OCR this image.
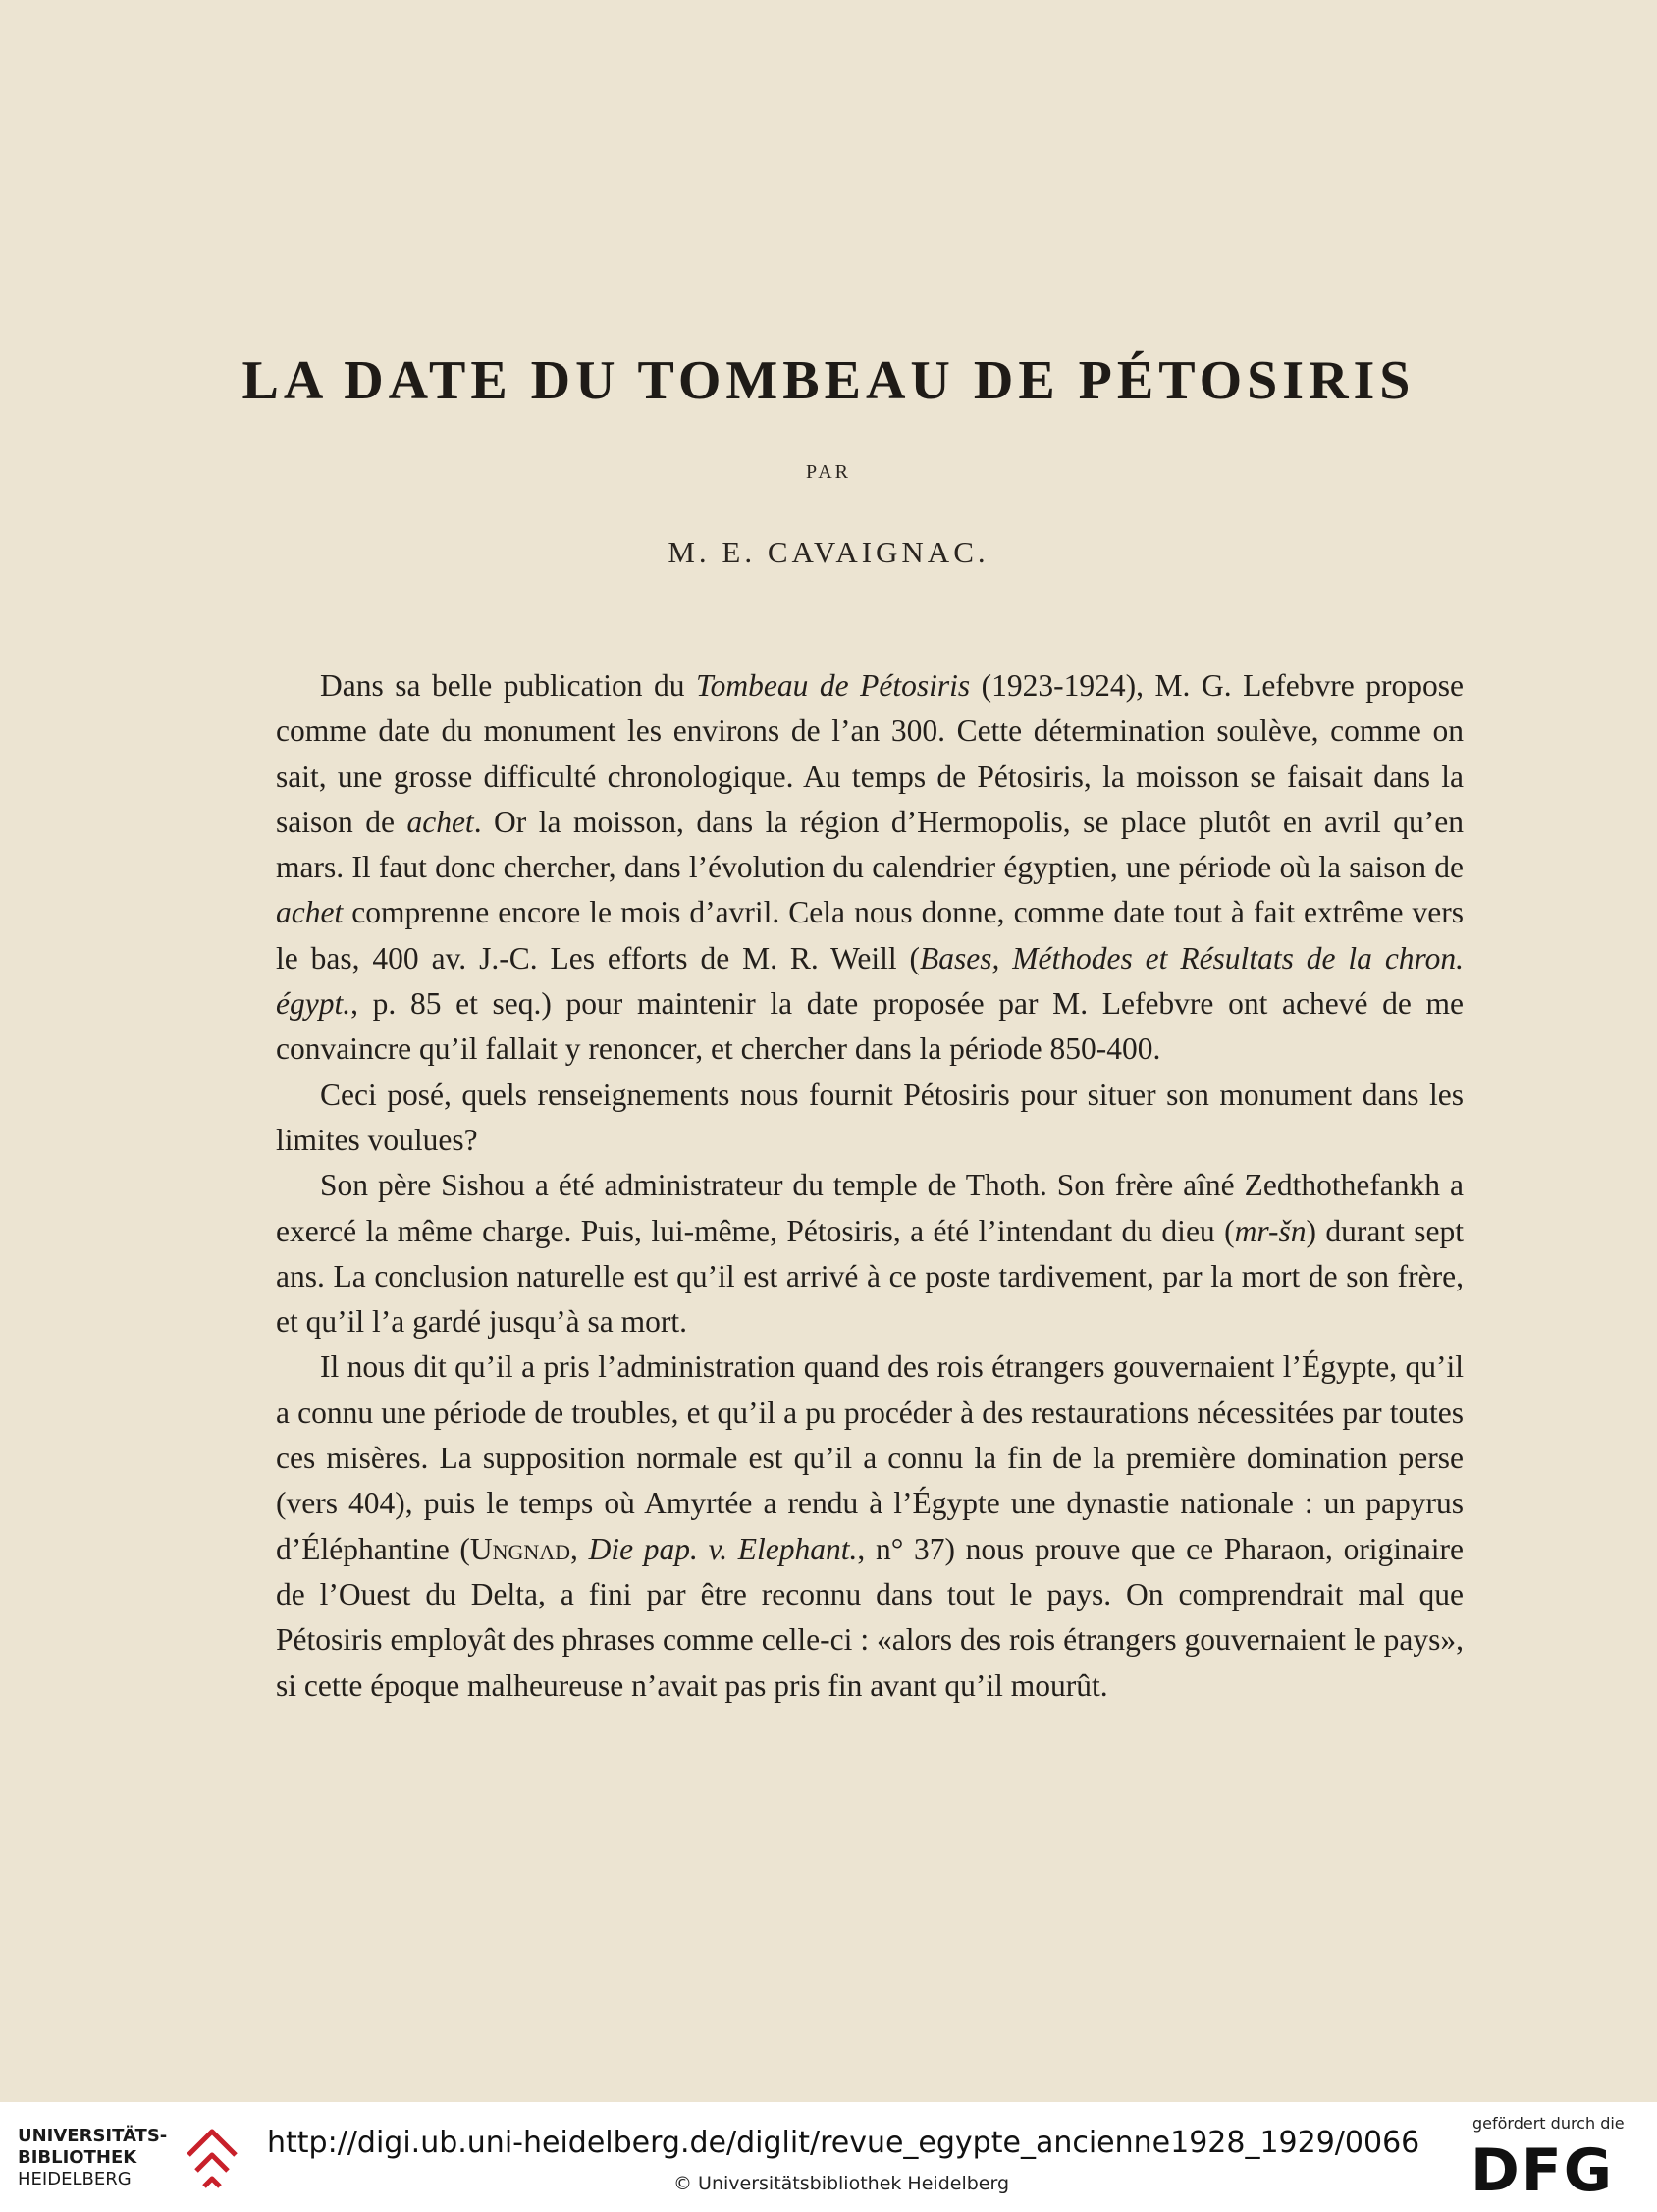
LA DATE DU TOMBEAU DE PÉTOSIRIS
PAR
M. E. CAVAIGNAC.

Dans sa belle publication du Tombeau de Pétosiris (1923-1924), M. G. Lefebvre propose comme date du monument les environs de l’an 300. Cette détermination soulève, comme on sait, une grosse difficulté chronologique. Au temps de Pétosiris, la moisson se faisait dans la saison de achet. Or la moisson, dans la région d’Hermopolis, se place plutôt en avril qu’en mars. Il faut donc chercher, dans l’évolution du calendrier égyptien, une période où la saison de achet comprenne encore le mois d’avril. Cela nous donne, comme date tout à fait extrême vers le bas, 400 av. J.-C. Les efforts de M. R. Weill (Bases, Méthodes et Résultats de la chron. égypt., p. 85 et seq.) pour maintenir la date proposée par M. Lefebvre ont achevé de me convaincre qu’il fallait y renoncer, et chercher dans la période 850-400.

Ceci posé, quels renseignements nous fournit Pétosiris pour situer son monument dans les limites voulues?

Son père Sishou a été administrateur du temple de Thoth. Son frère aîné Zedthothefankh a exercé la même charge. Puis, lui-même, Pétosiris, a été l’intendant du dieu (mr-šn) durant sept ans. La conclusion naturelle est qu’il est arrivé à ce poste tardivement, par la mort de son frère, et qu’il l’a gardé jusqu’à sa mort.

Il nous dit qu’il a pris l’administration quand des rois étrangers gouvernaient l’Égypte, qu’il a connu une période de troubles, et qu’il a pu procéder à des restaurations nécessitées par toutes ces misères. La supposition normale est qu’il a connu la fin de la première domination perse (vers 404), puis le temps où Amyrtée a rendu à l’Égypte une dynastie nationale : un papyrus d’Éléphantine (Ungnad, Die pap. v. Elephant., n° 37) nous prouve que ce Pharaon, originaire de l’Ouest du Delta, a fini par être reconnu dans tout le pays. On comprendrait mal que Pétosiris employât des phrases comme celle-ci : «alors des rois étrangers gouvernaient le pays», si cette époque malheureuse n’avait pas pris fin avant qu’il mourût.

UNIVERSITÄTS-
BIBLIOTHEK
HEIDELBERG
http://digi.ub.uni-heidelberg.de/diglit/revue_egypte_ancienne1928_1929/0066
© Universitätsbibliothek Heidelberg
gefördert durch die
DFG
